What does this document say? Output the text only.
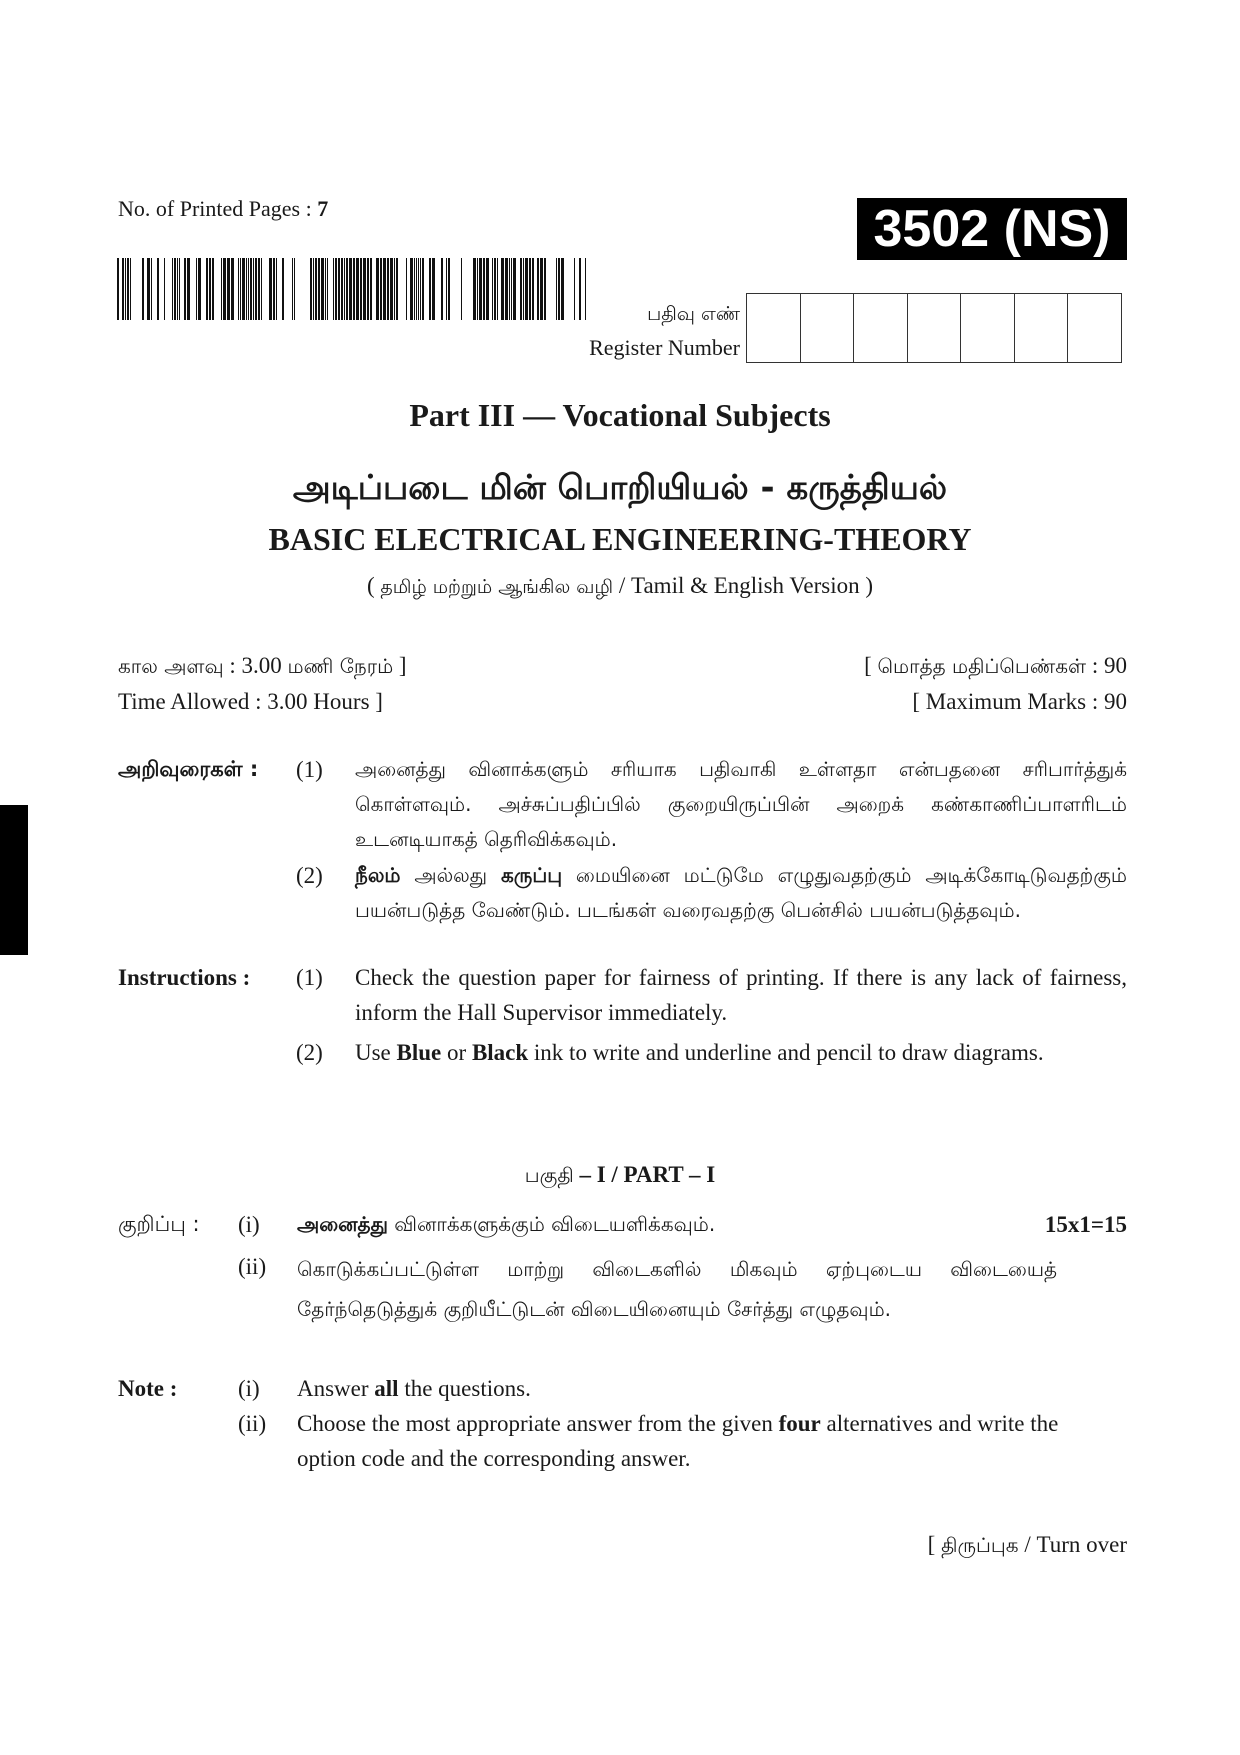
No. of Printed Pages : 7	3502 (NS)
பதிவு எண்
Register Number
Part III — Vocational Subjects
அடிப்படை மின் பொறியியல் - கருத்தியல்
BASIC ELECTRICAL ENGINEERING-THEORY
( தமிழ் மற்றும் ஆங்கில வழி / Tamil & English Version )
கால அளவு : 3.00 மணி நேரம் ]
Time Allowed : 3.00 Hours ]
[ மொத்த மதிப்பெண்கள் : 90
[ Maximum Marks : 90
அறிவுரைகள் : (1) அனைத்து வினாக்களும் சரியாக பதிவாகி உள்ளதா என்பதனை சரிபார்த்துக் கொள்ளவும். அச்சுப்பதிப்பில் குறையிருப்பின் அறைக் கண்காணிப்பாளரிடம் உடனடியாகத் தெரிவிக்கவும்.
(2) நீலம் அல்லது கருப்பு மையினை மட்டுமே எழுதுவதற்கும் அடிக்கோடிடுவதற்கும் பயன்படுத்த வேண்டும். படங்கள் வரைவதற்கு பென்சில் பயன்படுத்தவும்.
Instructions : (1) Check the question paper for fairness of printing. If there is any lack of fairness, inform the Hall Supervisor immediately.
(2) Use Blue or Black ink to write and underline and pencil to draw diagrams.
பகுதி – I / PART – I
குறிப்பு : (i) அனைத்து வினாக்களுக்கும் விடையளிக்கவும்.	15x1=15
(ii) கொடுக்கப்பட்டுள்ள மாற்று விடைகளில் மிகவும் ஏற்புடைய விடையைத் தேர்ந்தெடுத்துக் குறியீட்டுடன் விடையினையும் சேர்த்து எழுதவும்.
Note :	(i) Answer all the questions.
(ii) Choose the most appropriate answer from the given four alternatives and write the option code and the corresponding answer.
[ திருப்புக / Turn over
